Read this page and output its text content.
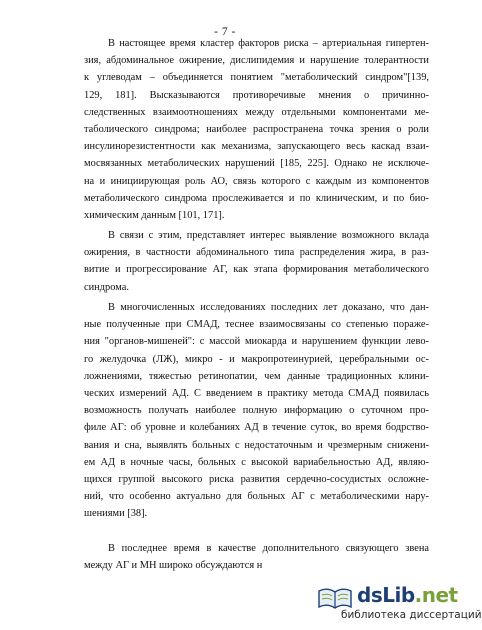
- 7 -
В настоящее время кластер факторов риска – артериальная гипертен-
зия, абдоминальное ожирение, дислипидемия и нарушение толерантности
к углеводам – объединяется понятием "метаболический синдром"[139,
129, 181]. Высказываются противоречивые мнения о причинно-
следственных взаимоотношениях между отдельными компонентами ме-
таболического синдрома; наиболее распространена точка зрения о роли
инсулинорезистентности как механизма, запускающего весь каскад взаи-
мосвязанных метаболических нарушений [185, 225]. Однако не исключе-
на и инициирующая роль АО, связь которого с каждым из компонентов
метаболического синдрома прослеживается и по клиническим, и по био-
химическим данным [101, 171].
В связи с этим, представляет интерес выявление возможного вклада
ожирения, в частности абдоминального типа распределения жира, в раз-
витие и прогрессирование АГ, как этапа формирования метаболического
синдрома.
В многочисленных исследованиях последних лет доказано, что дан-
ные полученные при СМАД, теснее взаимосвязаны со степенью пораже-
ния "органов-мишеней": с массой миокарда и нарушением функции лево-
го желудочка (ЛЖ), микро - и макропротеинурией, церебральными ос-
ложнениями, тяжестью ретинопатии, чем данные традиционных клини-
ческих измерений АД. С введением в практику метода СМАД появилась
возможность получать наиболее полную информацию о суточном про-
филе АГ: об уровне и колебаниях АД в течение суток, во время бодрство-
вания и сна, выявлять больных с недостаточным и чрезмерным снижени-
ем АД в ночные часы, больных с высокой вариабельностью АД, являю-
щихся группой высокого риска развития сердечно-сосудистых осложне-
ний, что особенно актуально для больных АГ с метаболическими нару-
шениями [38].
В последнее время в качестве дополнительного связующего звена
между АГ и МН широко обсуждаются н
dsLib.net
библиотека диссертаций
